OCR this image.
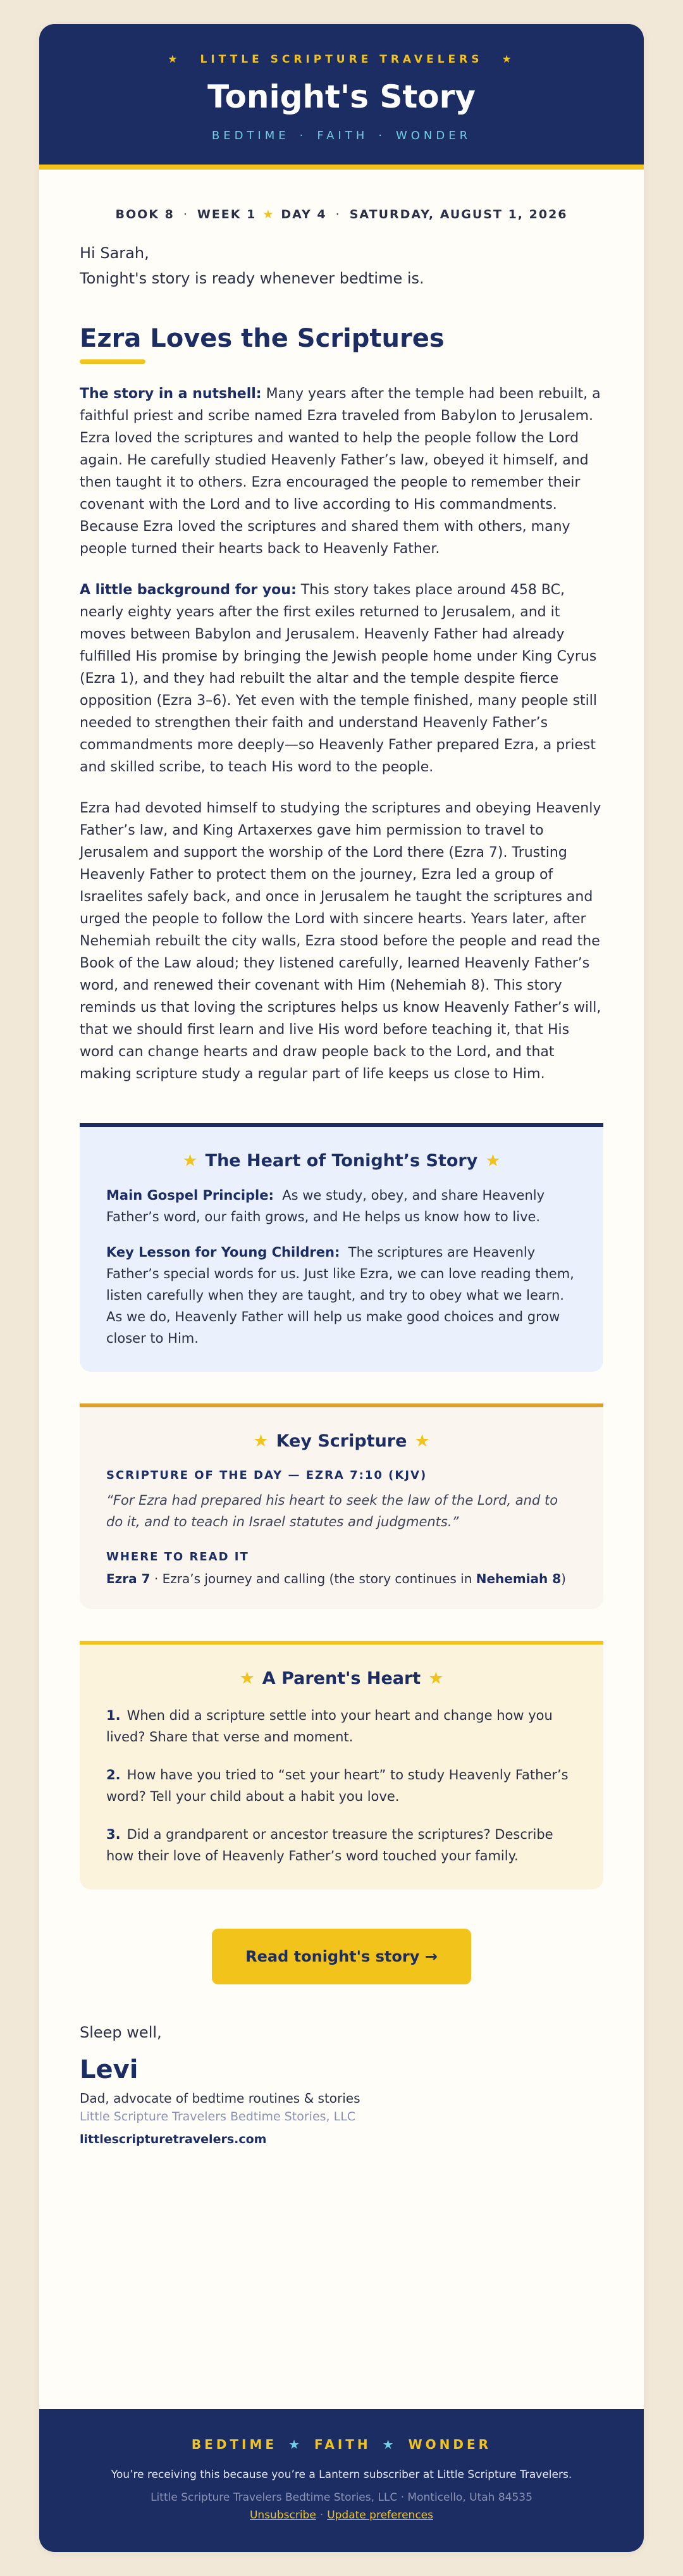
★ LITTLE SCRIPTURE TRAVELERS ★
Tonight's Story
BEDTIME · FAITH · WONDER
BOOK 8 · WEEK 1 ★ DAY 4 · SATURDAY, AUGUST 1, 2026
Hi Sarah,
Tonight's story is ready whenever bedtime is.
Ezra Loves the Scriptures

The story in a nutshell: Many years after the temple had been rebuilt, a faithful priest and scribe named Ezra traveled from Babylon to Jerusalem. Ezra loved the scriptures and wanted to help the people follow the Lord again. He carefully studied Heavenly Father’s law, obeyed it himself, and then taught it to others. Ezra encouraged the people to remember their covenant with the Lord and to live according to His commandments. Because Ezra loved the scriptures and shared them with others, many people turned their hearts back to Heavenly Father.

A little background for you: This story takes place around 458 BC, nearly eighty years after the first exiles returned to Jerusalem, and it moves between Babylon and Jerusalem. Heavenly Father had already fulfilled His promise by bringing the Jewish people home under King Cyrus (Ezra 1), and they had rebuilt the altar and the temple despite fierce opposition (Ezra 3–6). Yet even with the temple finished, many people still needed to strengthen their faith and understand Heavenly Father’s commandments more deeply—so Heavenly Father prepared Ezra, a priest and skilled scribe, to teach His word to the people.

Ezra had devoted himself to studying the scriptures and obeying Heavenly Father’s law, and King Artaxerxes gave him permission to travel to Jerusalem and support the worship of the Lord there (Ezra 7). Trusting Heavenly Father to protect them on the journey, Ezra led a group of Israelites safely back, and once in Jerusalem he taught the scriptures and urged the people to follow the Lord with sincere hearts. Years later, after Nehemiah rebuilt the city walls, Ezra stood before the people and read the Book of the Law aloud; they listened carefully, learned Heavenly Father’s word, and renewed their covenant with Him (Nehemiah 8). This story reminds us that loving the scriptures helps us know Heavenly Father’s will, that we should first learn and live His word before teaching it, that His word can change hearts and draw people back to the Lord, and that making scripture study a regular part of life keeps us close to Him.

★ The Heart of Tonight’s Story ★

Main Gospel Principle: As we study, obey, and share Heavenly Father’s word, our faith grows, and He helps us know how to live.

Key Lesson for Young Children: The scriptures are Heavenly Father’s special words for us. Just like Ezra, we can love reading them, listen carefully when they are taught, and try to obey what we learn. As we do, Heavenly Father will help us make good choices and grow closer to Him.

★ Key Scripture ★
SCRIPTURE OF THE DAY — EZRA 7:10 (KJV)
“For Ezra had prepared his heart to seek the law of the Lord, and to do it, and to teach in Israel statutes and judgments.”
WHERE TO READ IT
Ezra 7 · Ezra’s journey and calling (the story continues in Nehemiah 8)
★ A Parent's Heart ★
1. When did a scripture settle into your heart and change how you lived? Share that verse and moment.
2. How have you tried to “set your heart” to study Heavenly Father’s word? Tell your child about a habit you love.
3. Did a grandparent or ancestor treasure the scriptures? Describe how their love of Heavenly Father’s word touched your family.
Read tonight's story →
Sleep well,
Levi
Dad, advocate of bedtime routines & stories
Little Scripture Travelers Bedtime Stories, LLC
littlescripturetravelers.com
BEDTIME ★ FAITH ★ WONDER
You’re receiving this because you’re a Lantern subscriber at Little Scripture Travelers.
Little Scripture Travelers Bedtime Stories, LLC · Monticello, Utah 84535
Unsubscribe · Update preferences
